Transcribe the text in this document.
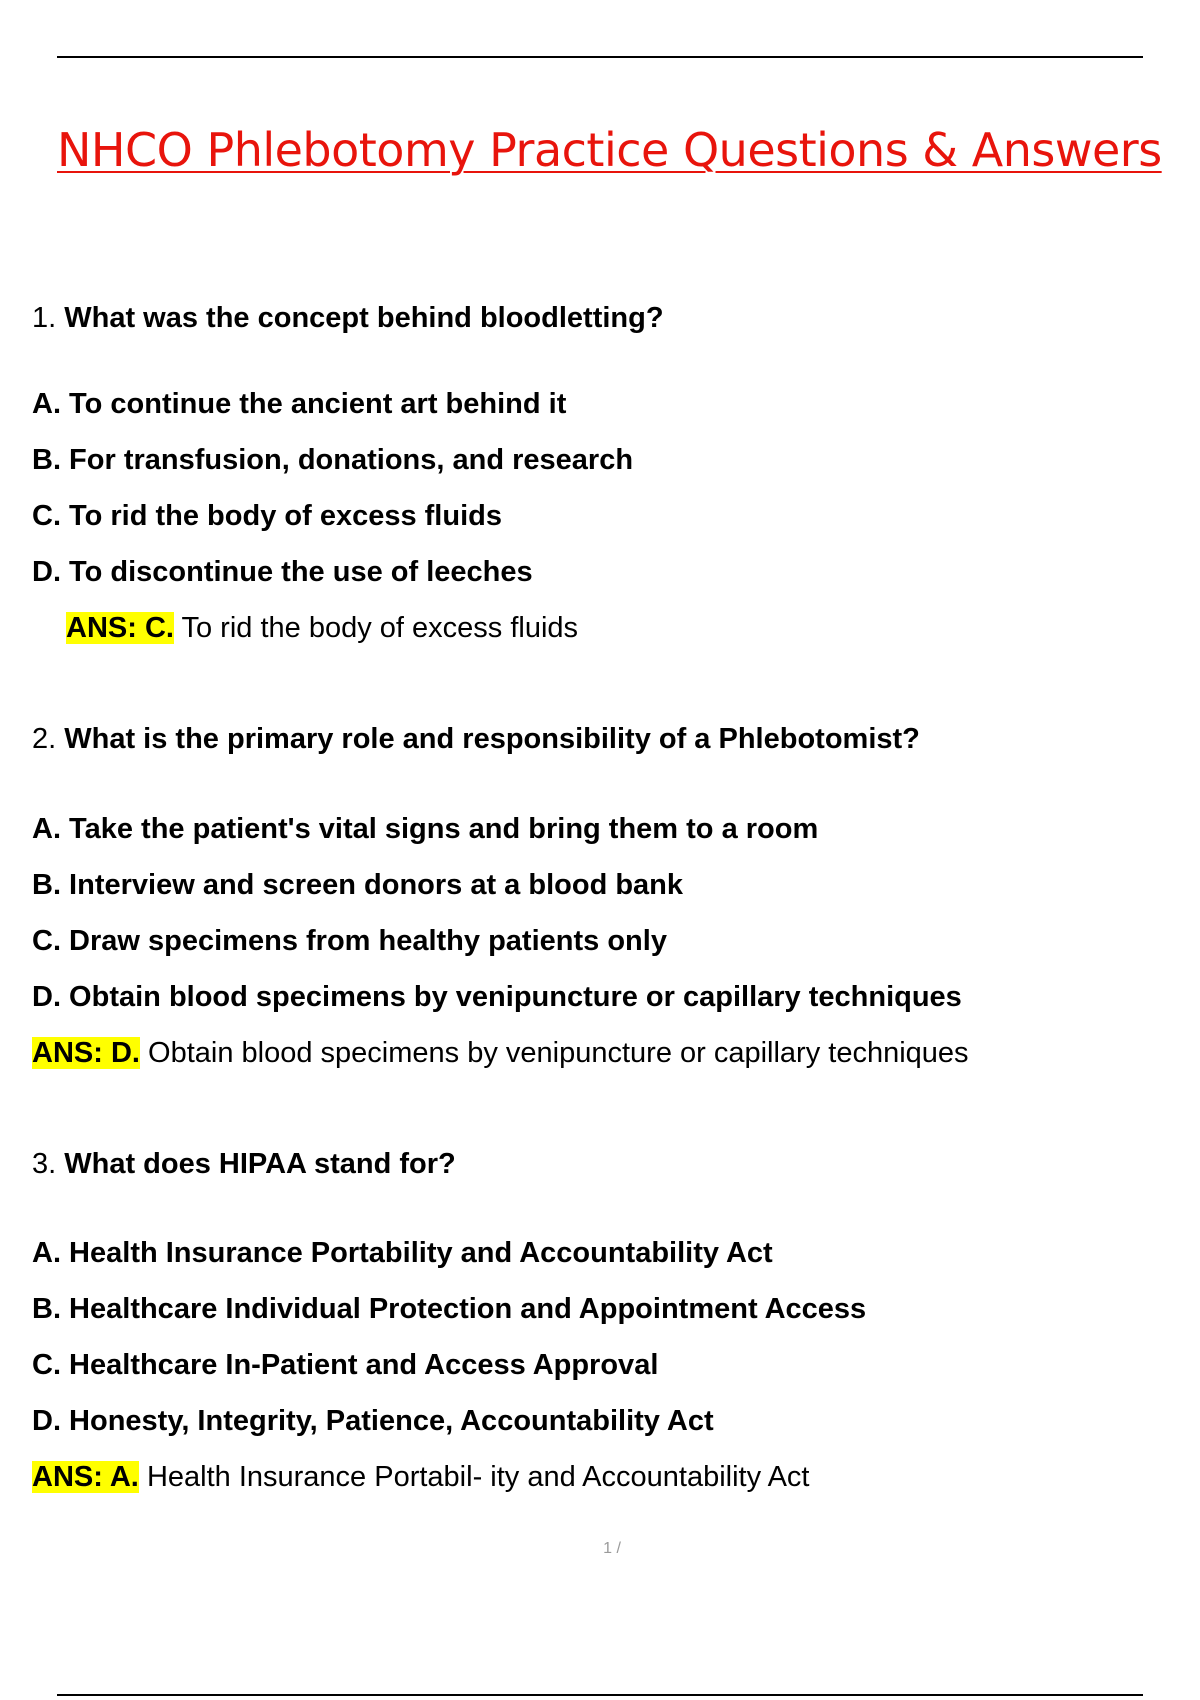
NHCO Phlebotomy Practice Questions & Answers
1. What was the concept behind bloodletting?
A. To continue the ancient art behind it
B. For transfusion, donations, and research
C. To rid the body of excess fluids
D. To discontinue the use of leeches
ANS: C. To rid the body of excess fluids
2. What is the primary role and responsibility of a Phlebotomist?
A. Take the patient's vital signs and bring them to a room
B. Interview and screen donors at a blood bank
C. Draw specimens from healthy patients only
D. Obtain blood specimens by venipuncture or capillary techniques
ANS: D. Obtain blood specimens by venipuncture or capillary techniques
3. What does HIPAA stand for?
A. Health Insurance Portability and Accountability Act
B. Healthcare Individual Protection and Appointment Access
C. Healthcare In-Patient and Access Approval
D. Honesty, Integrity, Patience, Accountability Act
ANS: A. Health Insurance Portabil- ity and Accountability Act
1 /
